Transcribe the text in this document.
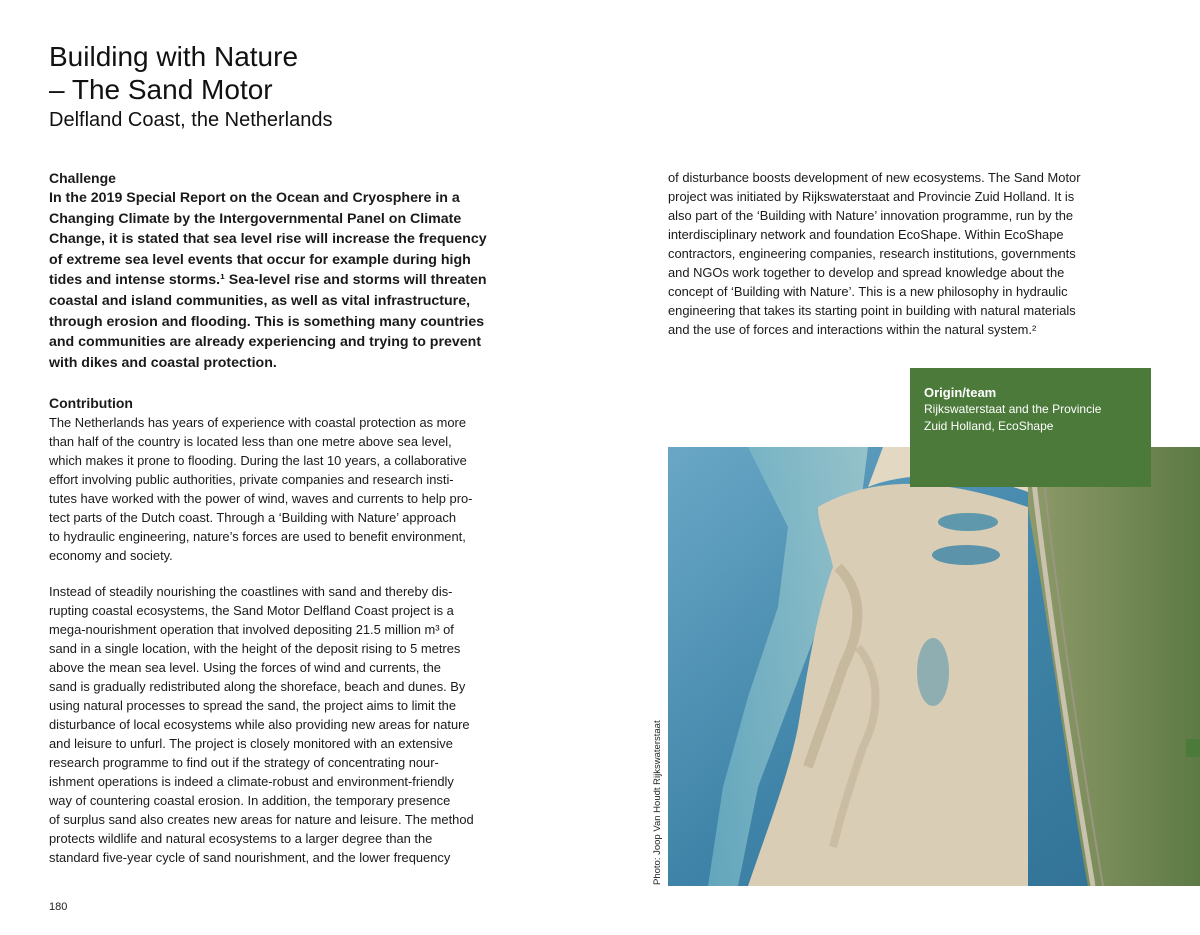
Building with Nature
– The Sand Motor
Delfland Coast, the Netherlands

Challenge

In the 2019 Special Report on the Ocean and Cryosphere in a
Changing Climate by the Intergovernmental Panel on Climate
Change, it is stated that sea level rise will increase the frequency
of extreme sea level events that occur for example during high
tides and intense storms.¹ Sea-level rise and storms will threaten
coastal and island communities, as well as vital infrastructure,
through erosion and flooding. This is something many countries
and communities are already experiencing and trying to prevent
with dikes and coastal protection.

Contribution

The Netherlands has years of experience with coastal protection as more
than half of the country is located less than one metre above sea level,
which makes it prone to flooding. During the last 10 years, a collaborative
effort involving public authorities, private companies and research insti-
tutes have worked with the power of wind, waves and currents to help pro-
tect parts of the Dutch coast. Through a ‘Building with Nature’ approach
to hydraulic engineering, nature’s forces are used to benefit environment,
economy and society.

Instead of steadily nourishing the coastlines with sand and thereby dis-
rupting coastal ecosystems, the Sand Motor Delfland Coast project is a
mega-nourishment operation that involved depositing 21.5 million m³ of
sand in a single location, with the height of the deposit rising to 5 metres
above the mean sea level. Using the forces of wind and currents, the
sand is gradually redistributed along the shoreface, beach and dunes. By
using natural processes to spread the sand, the project aims to limit the
disturbance of local ecosystems while also providing new areas for nature
and leisure to unfurl. The project is closely monitored with an extensive
research programme to find out if the strategy of concentrating nour-
ishment operations is indeed a climate-robust and environment-friendly
way of countering coastal erosion. In addition, the temporary presence
of surplus sand also creates new areas for nature and leisure. The method
protects wildlife and natural ecosystems to a larger degree than the
standard five-year cycle of sand nourishment, and the lower frequency

of disturbance boosts development of new ecosystems. The Sand Motor
project was initiated by Rijkswaterstaat and Provincie Zuid Holland. It is
also part of the ‘Building with Nature’ innovation programme, run by the
interdisciplinary network and foundation EcoShape. Within EcoShape
contractors, engineering companies, research institutions, governments
and NGOs work together to develop and spread knowledge about the
concept of ‘Building with Nature’. This is a new philosophy in hydraulic
engineering that takes its starting point in building with natural materials
and the use of forces and interactions within the natural system.²

Origin/team

Rijkswaterstaat and the Provincie
Zuid Holland, EcoShape

Photo: Joop Van Houdt Rijkswaterstaat
180
